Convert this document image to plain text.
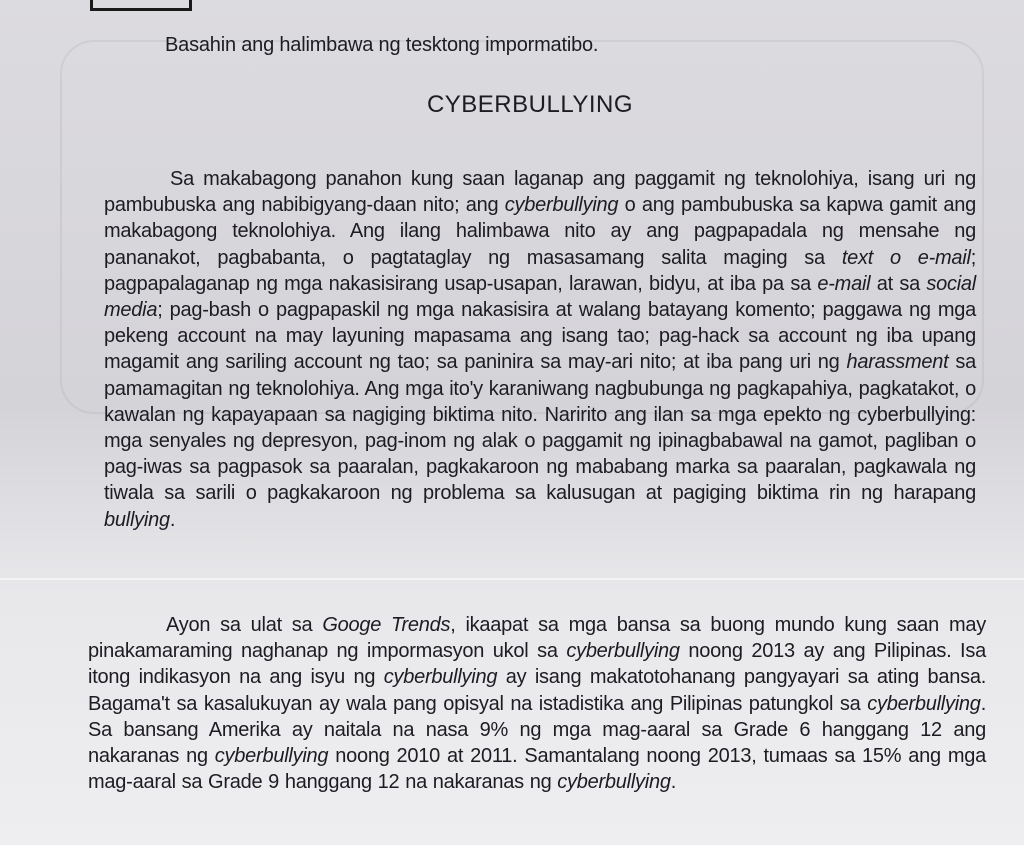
Basahin ang halimbawa ng tesktong impormatibo.
CYBERBULLYING

Sa makabagong panahon kung saan laganap ang paggamit ng teknolohiya, isang uri ng pambubuska ang nabibigyang-daan nito; ang cyberbullying o ang pambubuska sa kapwa gamit ang makabagong teknolohiya. Ang ilang halimbawa nito ay ang pagpapadala ng mensahe ng pananakot, pagbabanta, o pagtataglay ng masasamang salita maging sa text o e-mail; pagpapalaganap ng mga nakasisirang usap-usapan, larawan, bidyu, at iba pa sa e-mail at sa social media; pag-bash o pagpapaskil ng mga nakasisira at walang batayang komento; paggawa ng mga pekeng account na may layuning mapasama ang isang tao; pag-hack sa account ng iba upang magamit ang sariling account ng tao; sa paninira sa may-ari nito; at iba pang uri ng harassment sa pamamagitan ng teknolohiya. Ang mga ito'y karaniwang nagbubunga ng pagkapahiya, pagkatakot, o kawalan ng kapayapaan sa nagiging biktima nito. Naririto ang ilan sa mga epekto ng cyberbullying: mga senyales ng depresyon, pag-inom ng alak o paggamit ng ipinagbabawal na gamot, pagliban o pag-iwas sa pagpasok sa paaralan, pagkakaroon ng mababang marka sa paaralan, pagkawala ng tiwala sa sarili o pagkakaroon ng problema sa kalusugan at pagiging biktima rin ng harapang bullying.

Ayon sa ulat sa Googe Trends, ikaapat sa mga bansa sa buong mundo kung saan may pinakamaraming naghanap ng impormasyon ukol sa cyberbullying noong 2013 ay ang Pilipinas. Isa itong indikasyon na ang isyu ng cyberbullying ay isang makatotohanang pangyayari sa ating bansa. Bagama't sa kasalukuyan ay wala pang opisyal na istadistika ang Pilipinas patungkol sa cyberbullying. Sa bansang Amerika ay naitala na nasa 9% ng mga mag-aaral sa Grade 6 hanggang 12 ang nakaranas ng cyberbullying noong 2010 at 2011. Samantalang noong 2013, tumaas sa 15% ang mga mag-aaral sa Grade 9 hanggang 12 na nakaranas ng cyberbullying.
